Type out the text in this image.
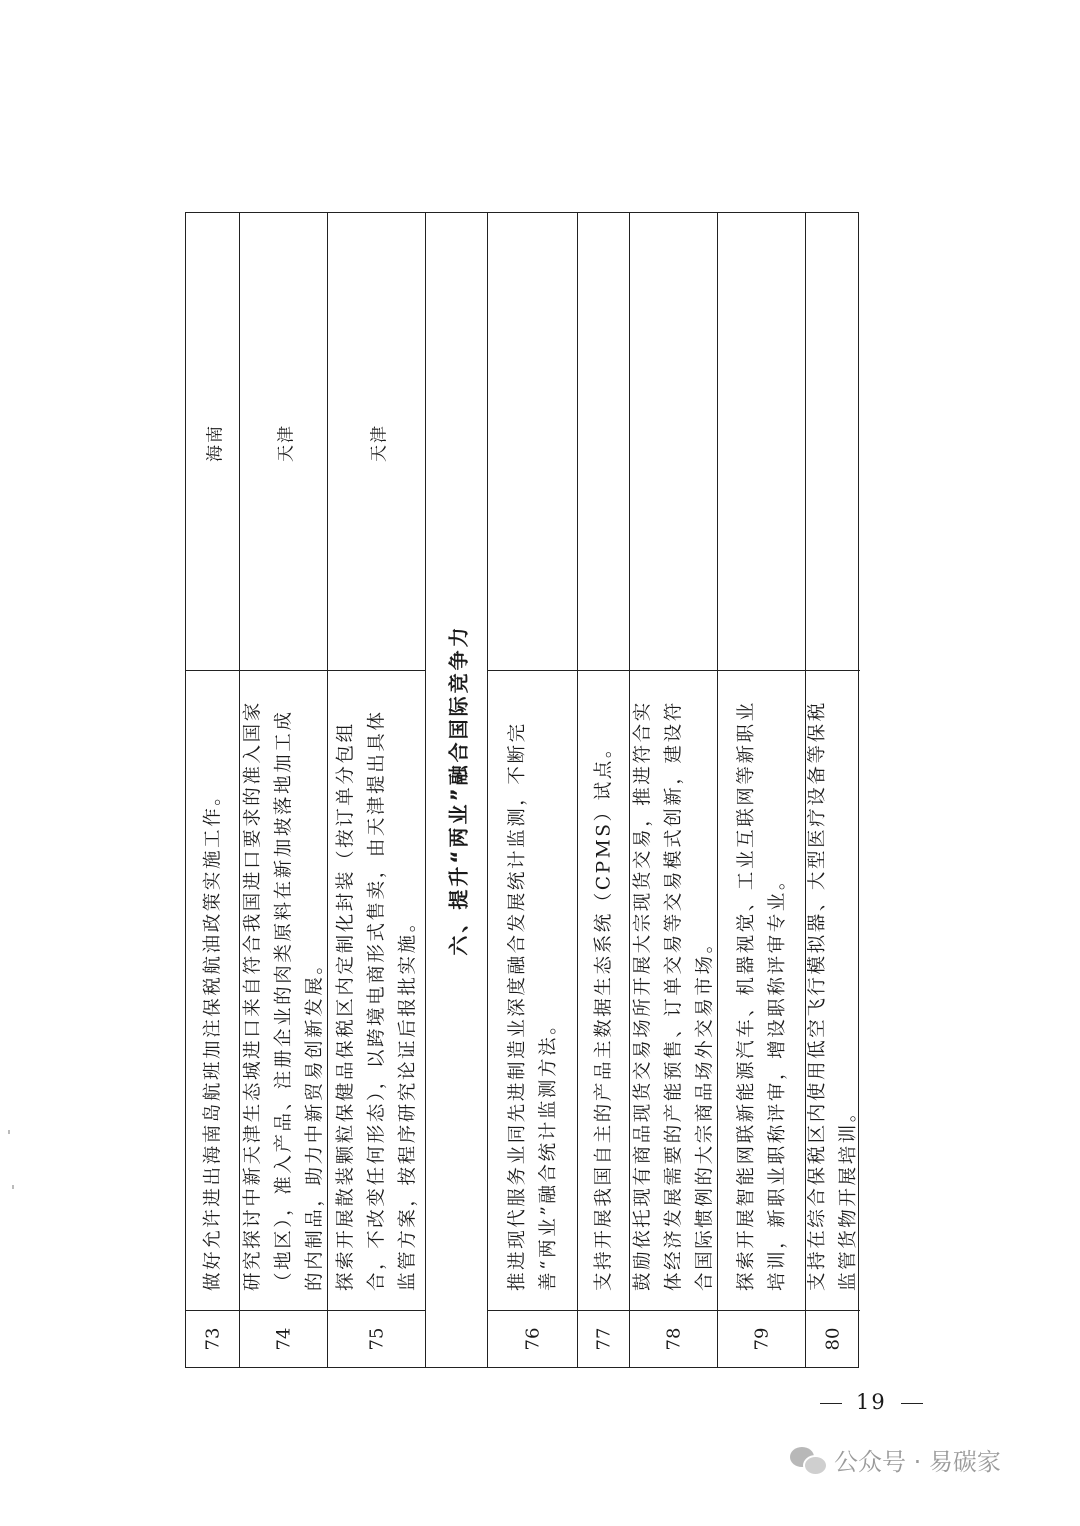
73
做好允许进出海南岛航班加注保税航油政策实施工作。
海南
74
研究探讨中新天津生态城进口来自符合我国进口要求的准入国家（地区），准入产品、注册企业的肉类原料在新加坡落地加工成的内制品，助力中新贸易创新发展。
天津
75
探索开展散装颗粒保健品保税区内定制化封装（按订单分包组合，不改变任何形态），以跨境电商形式售卖，由天津提出具体监管方案，按程序研究论证后报批实施。
天津
六、提升“两业”融合国际竞争力
76
推进现代服务业同先进制造业深度融合发展统计监测，不断完善“两业”融合统计监测方法。
77
支持开展我国自主的产品主数据生态系统（CPMS）试点。
78
鼓励依托现有商品现货交易场所开展大宗现货交易，推进符合实体经济发展需要的产能预售、订单交易等交易模式创新，建设符合国际惯例的大宗商品场外交易市场。
79
探索开展智能网联新能源汽车、机器视觉、工业互联网等新职业培训，新职业职称评审，增设职称评审专业。
80
支持在综合保税区内使用低空飞行模拟器、大型医疗设备等保税监管货物开展培训。
19
公众号 · 易碳家
